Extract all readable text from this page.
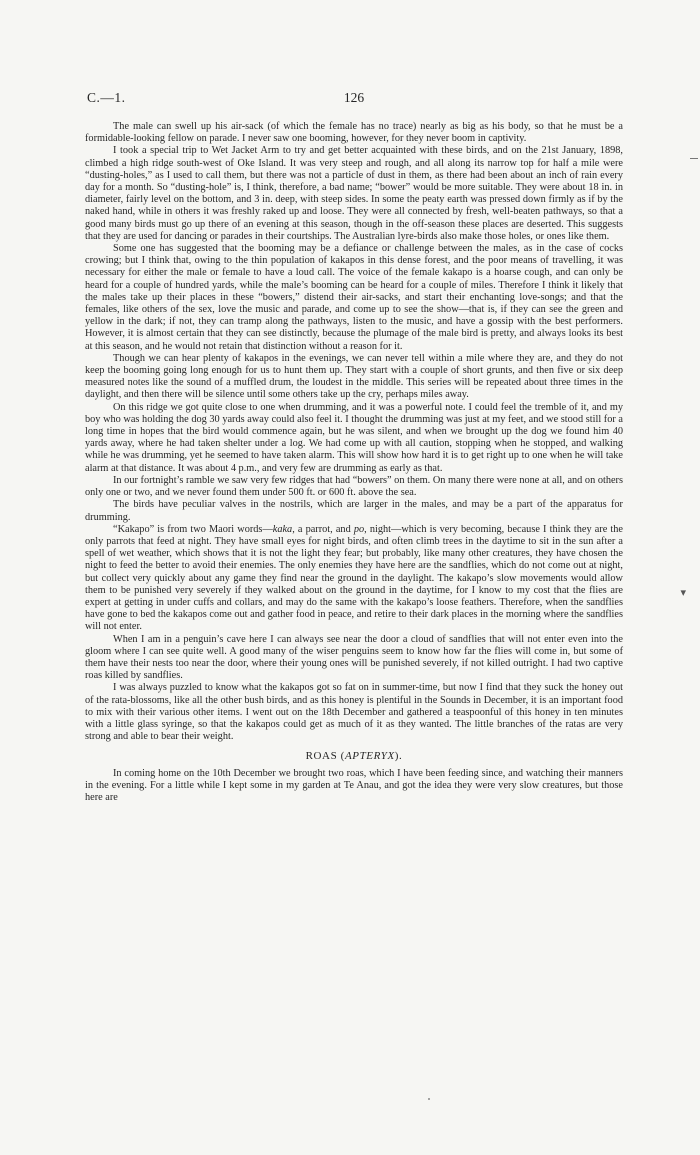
C.—1.	126

The male can swell up his air-sack (of which the female has no trace) nearly as big as his body, so that he must be a formidable-looking fellow on parade. I never saw one booming, however, for they never boom in captivity.

I took a special trip to Wet Jacket Arm to try and get better acquainted with these birds, and on the 21st January, 1898, climbed a high ridge south-west of Oke Island. It was very steep and rough, and all along its narrow top for half a mile were “dusting-holes,” as I used to call them, but there was not a particle of dust in them, as there had been about an inch of rain every day for a month. So “dusting-hole” is, I think, therefore, a bad name; “bower” would be more suitable. They were about 18 in. in diameter, fairly level on the bottom, and 3 in. deep, with steep sides. In some the peaty earth was pressed down firmly as if by the naked hand, while in others it was freshly raked up and loose. They were all connected by fresh, well-beaten pathways, so that a good many birds must go up there of an evening at this season, though in the off-season these places are deserted. This suggests that they are used for dancing or parades in their courtships. The Australian lyre-birds also make those holes, or ones like them.

Some one has suggested that the booming may be a defiance or challenge between the males, as in the case of cocks crowing; but I think that, owing to the thin population of kakapos in this dense forest, and the poor means of travelling, it was necessary for either the male or female to have a loud call. The voice of the female kakapo is a hoarse cough, and can only be heard for a couple of hundred yards, while the male’s booming can be heard for a couple of miles. Therefore I think it likely that the males take up their places in these “bowers,” distend their air-sacks, and start their enchanting love-songs; and that the females, like others of the sex, love the music and parade, and come up to see the show—that is, if they can see the green and yellow in the dark; if not, they can tramp along the pathways, listen to the music, and have a gossip with the best performers. However, it is almost certain that they can see distinctly, because the plumage of the male bird is pretty, and always looks its best at this season, and he would not retain that distinction without a reason for it.

Though we can hear plenty of kakapos in the evenings, we can never tell within a mile where they are, and they do not keep the booming going long enough for us to hunt them up. They start with a couple of short grunts, and then five or six deep measured notes like the sound of a muffled drum, the loudest in the middle. This series will be repeated about three times in the daylight, and then there will be silence until some others take up the cry, perhaps miles away.

On this ridge we got quite close to one when drumming, and it was a powerful note. I could feel the tremble of it, and my boy who was holding the dog 30 yards away could also feel it. I thought the drumming was just at my feet, and we stood still for a long time in hopes that the bird would commence again, but he was silent, and when we brought up the dog we found him 40 yards away, where he had taken shelter under a log. We had come up with all caution, stopping when he stopped, and walking while he was drumming, yet he seemed to have taken alarm. This will show how hard it is to get right up to one when he will take alarm at that distance. It was about 4 p.m., and very few are drumming as early as that.

In our fortnight’s ramble we saw very few ridges that had “bowers” on them. On many there were none at all, and on others only one or two, and we never found them under 500 ft. or 600 ft. above the sea.

The birds have peculiar valves in the nostrils, which are larger in the males, and may be a part of the apparatus for drumming.

“Kakapo” is from two Maori words—kaka, a parrot, and po, night—which is very becoming, because I think they are the only parrots that feed at night. They have small eyes for night birds, and often climb trees in the daytime to sit in the sun after a spell of wet weather, which shows that it is not the light they fear; but probably, like many other creatures, they have chosen the night to feed the better to avoid their enemies. The only enemies they have here are the sandflies, which do not come out at night, but collect very quickly about any game they find near the ground in the daylight. The kakapo’s slow movements would allow them to be punished very severely if they walked about on the ground in the daytime, for I know to my cost that the flies are expert at getting in under cuffs and collars, and may do the same with the kakapo’s loose feathers. Therefore, when the sandflies have gone to bed the kakapos come out and gather food in peace, and retire to their dark places in the morning where the sandflies will not enter.

When I am in a penguin’s cave here I can always see near the door a cloud of sandflies that will not enter even into the gloom where I can see quite well. A good many of the wiser penguins seem to know how far the flies will come in, but some of them have their nests too near the door, where their young ones will be punished severely, if not killed outright. I had two captive roas killed by sandflies.

I was always puzzled to know what the kakapos got so fat on in summer-time, but now I find that they suck the honey out of the rata-blossoms, like all the other bush birds, and as this honey is plentiful in the Sounds in December, it is an important food to mix with their various other items. I went out on the 18th December and gathered a teaspoonful of this honey in ten minutes with a little glass syringe, so that the kakapos could get as much of it as they wanted. The little branches of the ratas are very strong and able to bear their weight.

ROAS (APTERYX).

In coming home on the 10th December we brought two roas, which I have been feeding since, and watching their manners in the evening. For a little while I kept some in my garden at Te Anau, and got the idea they were very slow creatures, but those here are

▾
